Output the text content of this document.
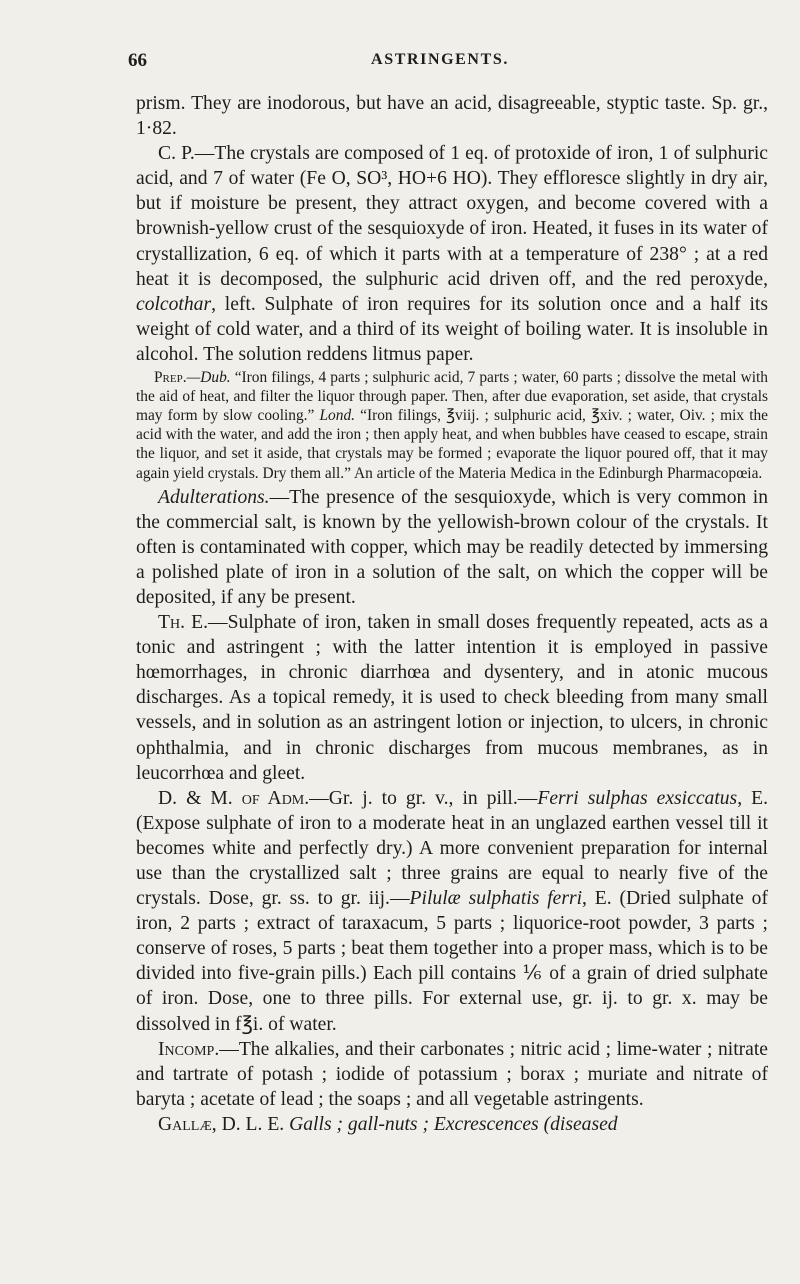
66	ASTRINGENTS.

prism. They are inodorous, but have an acid, disagreeable, styptic taste. Sp. gr., 1·82.

C. P.—The crystals are composed of 1 eq. of protoxide of iron, 1 of sulphuric acid, and 7 of water (Fe O, SO³, HO+6 HO). They effloresce slightly in dry air, but if moisture be present, they attract oxygen, and become covered with a brownish-yellow crust of the sesquioxyde of iron. Heated, it fuses in its water of crystallization, 6 eq. of which it parts with at a temperature of 238° ; at a red heat it is decomposed, the sulphuric acid driven off, and the red peroxyde, colcothar, left. Sulphate of iron requires for its solution once and a half its weight of cold water, and a third of its weight of boiling water. It is insoluble in alcohol. The solution reddens litmus paper.

Prep.—Dub. “Iron filings, 4 parts ; sulphuric acid, 7 parts ; water, 60 parts ; dissolve the metal with the aid of heat, and filter the liquor through paper. Then, after due evaporation, set aside, that crystals may form by slow cooling.” Lond. “Iron filings, ℥viij. ; sulphuric acid, ℥xiv. ; water, Oiv. ; mix the acid with the water, and add the iron ; then apply heat, and when bubbles have ceased to escape, strain the liquor, and set it aside, that crystals may be formed ; evaporate the liquor poured off, that it may again yield crystals. Dry them all.” An article of the Materia Medica in the Edinburgh Pharmacopœia.

Adulterations.—The presence of the sesquioxyde, which is very common in the commercial salt, is known by the yellowish-brown colour of the crystals. It often is contaminated with copper, which may be readily detected by immersing a polished plate of iron in a solution of the salt, on which the copper will be deposited, if any be present.

Th. E.—Sulphate of iron, taken in small doses frequently repeated, acts as a tonic and astringent ; with the latter intention it is employed in passive hœmorrhages, in chronic diarrhœa and dysentery, and in atonic mucous discharges. As a topical remedy, it is used to check bleeding from many small vessels, and in solution as an astringent lotion or injection, to ulcers, in chronic ophthalmia, and in chronic discharges from mucous membranes, as in leucorrhœa and gleet.

D. & M. of Adm.—Gr. j. to gr. v., in pill.—Ferri sulphas exsiccatus, E. (Expose sulphate of iron to a moderate heat in an unglazed earthen vessel till it becomes white and perfectly dry.) A more convenient preparation for internal use than the crystallized salt ; three grains are equal to nearly five of the crystals. Dose, gr. ss. to gr. iij.—Pilulæ sulphatis ferri, E. (Dried sulphate of iron, 2 parts ; extract of taraxacum, 5 parts ; liquorice-root powder, 3 parts ; conserve of roses, 5 parts ; beat them together into a proper mass, which is to be divided into five-grain pills.) Each pill contains ⅙ of a grain of dried sulphate of iron. Dose, one to three pills. For external use, gr. ij. to gr. x. may be dissolved in f℥i. of water.

Incomp.—The alkalies, and their carbonates ; nitric acid ; lime-water ; nitrate and tartrate of potash ; iodide of potassium ; borax ; muriate and nitrate of baryta ; acetate of lead ; the soaps ; and all vegetable astringents.

Gallæ, D. L. E. Galls ; gall-nuts ; Excrescences (diseased
